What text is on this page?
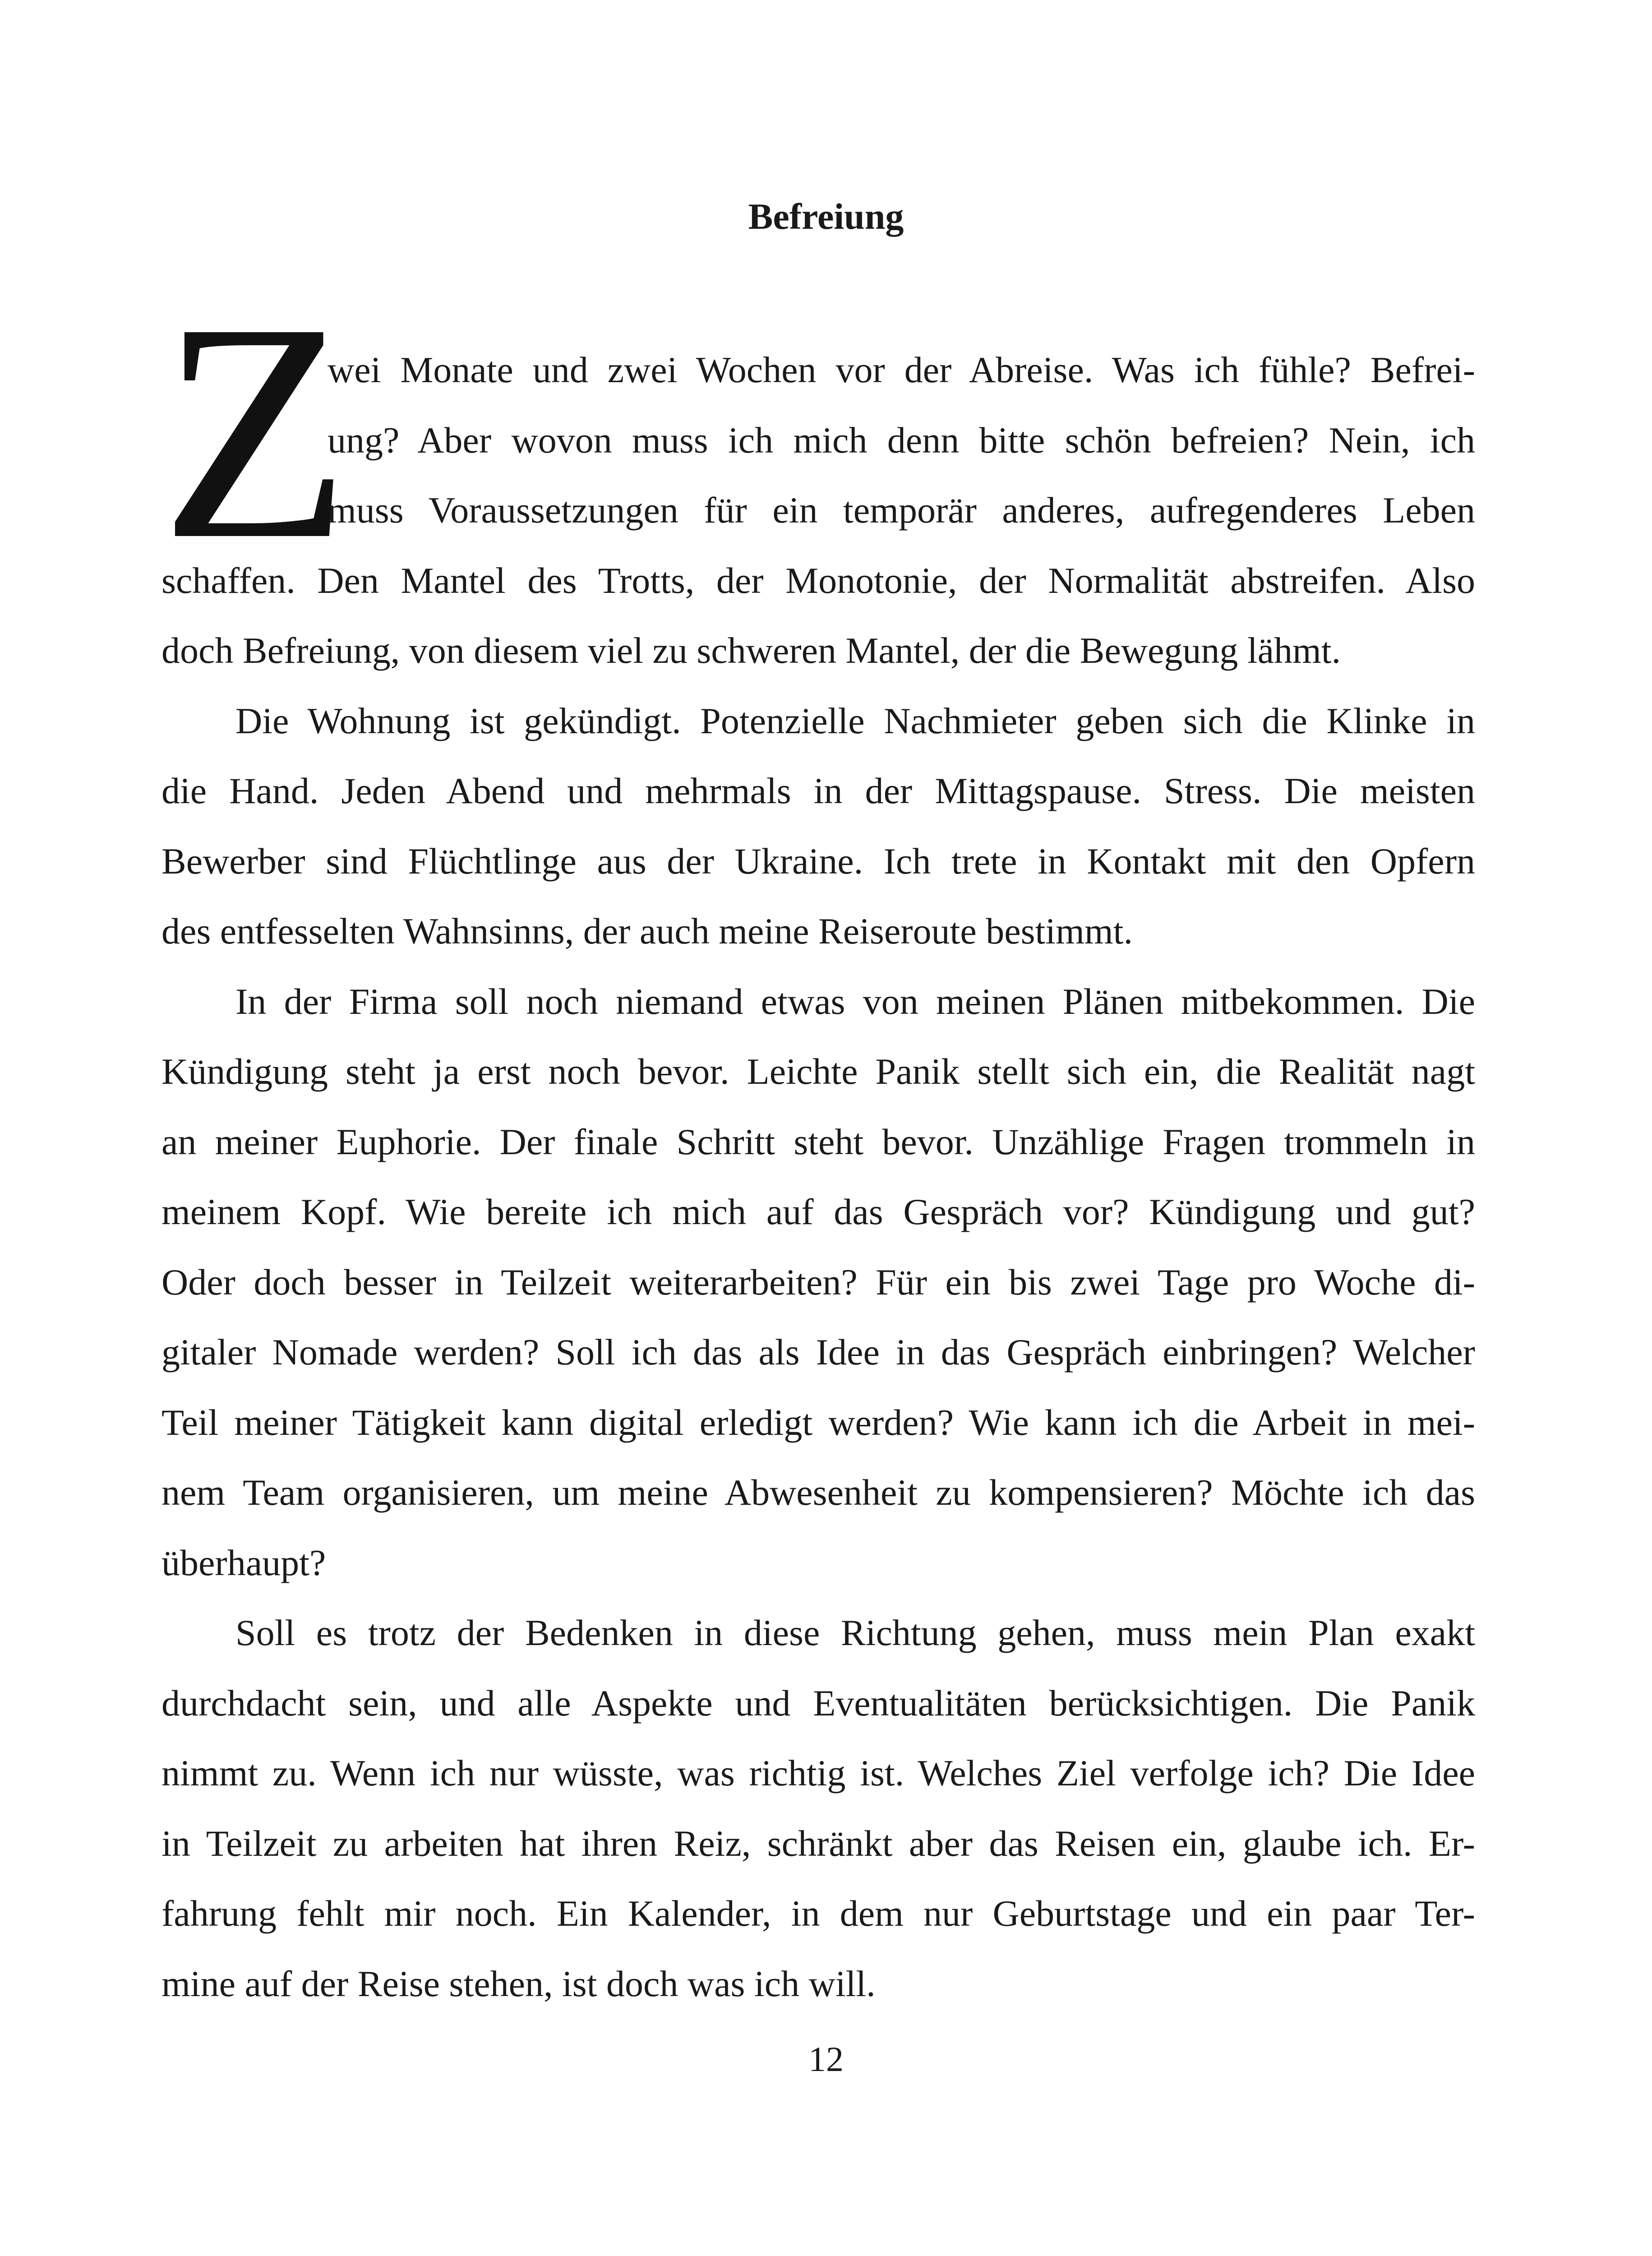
Befreiung
Z
wei Monate und zwei Wochen vor der Abreise. Was ich fühle? Befrei-
ung? Aber wovon muss ich mich denn bitte schön befreien? Nein, ich
muss Voraussetzungen für ein temporär anderes, aufregenderes Leben
schaffen. Den Mantel des Trotts, der Monotonie, der Normalität abstreifen. Also
doch Befreiung, von diesem viel zu schweren Mantel, der die Bewegung lähmt.
Die Wohnung ist gekündigt. Potenzielle Nachmieter geben sich die Klinke in
die Hand. Jeden Abend und mehrmals in der Mittagspause. Stress. Die meisten
Bewerber sind Flüchtlinge aus der Ukraine. Ich trete in Kontakt mit den Opfern
des entfesselten Wahnsinns, der auch meine Reiseroute bestimmt.
In der Firma soll noch niemand etwas von meinen Plänen mitbekommen. Die
Kündigung steht ja erst noch bevor. Leichte Panik stellt sich ein, die Realität nagt
an meiner Euphorie. Der finale Schritt steht bevor. Unzählige Fragen trommeln in
meinem Kopf. Wie bereite ich mich auf das Gespräch vor? Kündigung und gut?
Oder doch besser in Teilzeit weiterarbeiten? Für ein bis zwei Tage pro Woche di-
gitaler Nomade werden? Soll ich das als Idee in das Gespräch einbringen? Welcher
Teil meiner Tätigkeit kann digital erledigt werden? Wie kann ich die Arbeit in mei-
nem Team organisieren, um meine Abwesenheit zu kompensieren? Möchte ich das
überhaupt?
Soll es trotz der Bedenken in diese Richtung gehen, muss mein Plan exakt
durchdacht sein, und alle Aspekte und Eventualitäten berücksichtigen. Die Panik
nimmt zu. Wenn ich nur wüsste, was richtig ist. Welches Ziel verfolge ich? Die Idee
in Teilzeit zu arbeiten hat ihren Reiz, schränkt aber das Reisen ein, glaube ich. Er-
fahrung fehlt mir noch. Ein Kalender, in dem nur Geburtstage und ein paar Ter-
mine auf der Reise stehen, ist doch was ich will.
12
